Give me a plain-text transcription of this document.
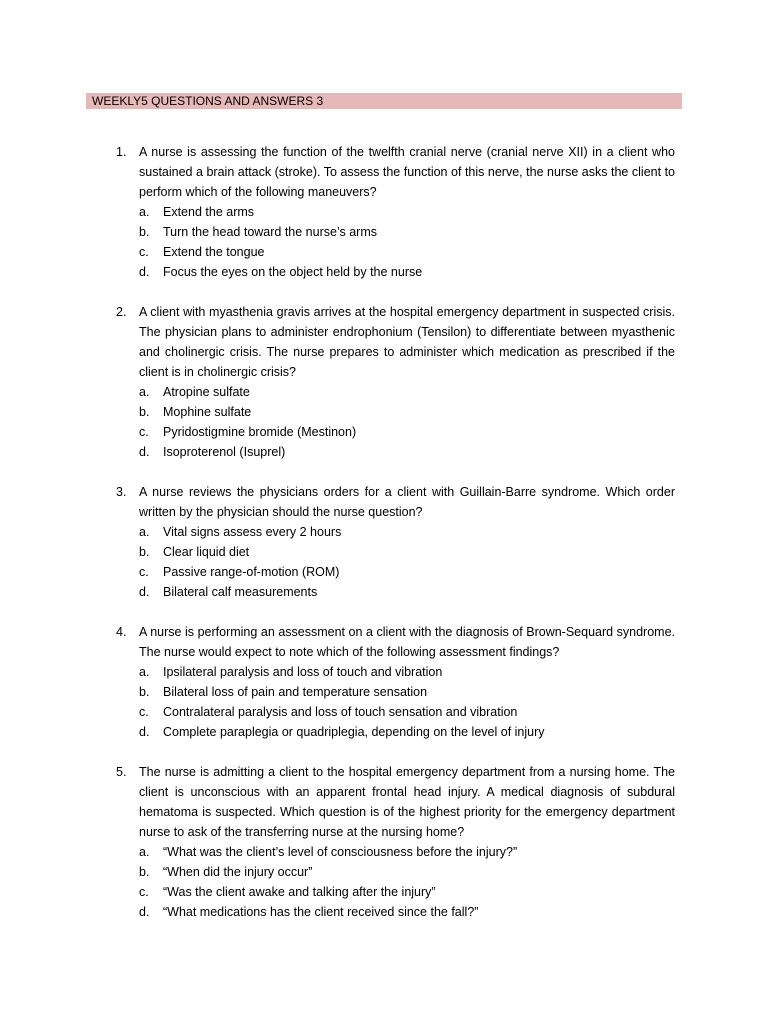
WEEKLY5 QUESTIONS AND ANSWERS 3
1. A nurse is assessing the function of the twelfth cranial nerve (cranial nerve XII) in a client who sustained a brain attack (stroke). To assess the function of this nerve, the nurse asks the client to perform which of the following maneuvers?
a. Extend the arms
b. Turn the head toward the nurse’s arms
c. Extend the tongue
d. Focus the eyes on the object held by the nurse
2. A client with myasthenia gravis arrives at the hospital emergency department in suspected crisis. The physician plans to administer endrophonium (Tensilon) to differentiate between myasthenic and cholinergic crisis. The nurse prepares to administer which medication as prescribed if the client is in cholinergic crisis?
a. Atropine sulfate
b. Mophine sulfate
c. Pyridostigmine bromide (Mestinon)
d. Isoproterenol (Isuprel)
3. A nurse reviews the physicians orders for a client with Guillain-Barre syndrome. Which order written by the physician should the nurse question?
a. Vital signs assess every 2 hours
b. Clear liquid diet
c. Passive range-of-motion (ROM)
d. Bilateral calf measurements
4. A nurse is performing an assessment on a client with the diagnosis of Brown-Sequard syndrome. The nurse would expect to note which of the following assessment findings?
a. Ipsilateral paralysis and loss of touch and vibration
b. Bilateral loss of pain and temperature sensation
c. Contralateral paralysis and loss of touch sensation and vibration
d. Complete paraplegia or quadriplegia, depending on the level of injury
5. The nurse is admitting a client to the hospital emergency department from a nursing home. The client is unconscious with an apparent frontal head injury. A medical diagnosis of subdural hematoma is suspected. Which question is of the highest priority for the emergency department nurse to ask of the transferring nurse at the nursing home?
a. “What was the client’s level of consciousness before the injury?”
b. “When did the injury occur”
c. “Was the client awake and talking after the injury”
d. “What medications has the client received since the fall?”
